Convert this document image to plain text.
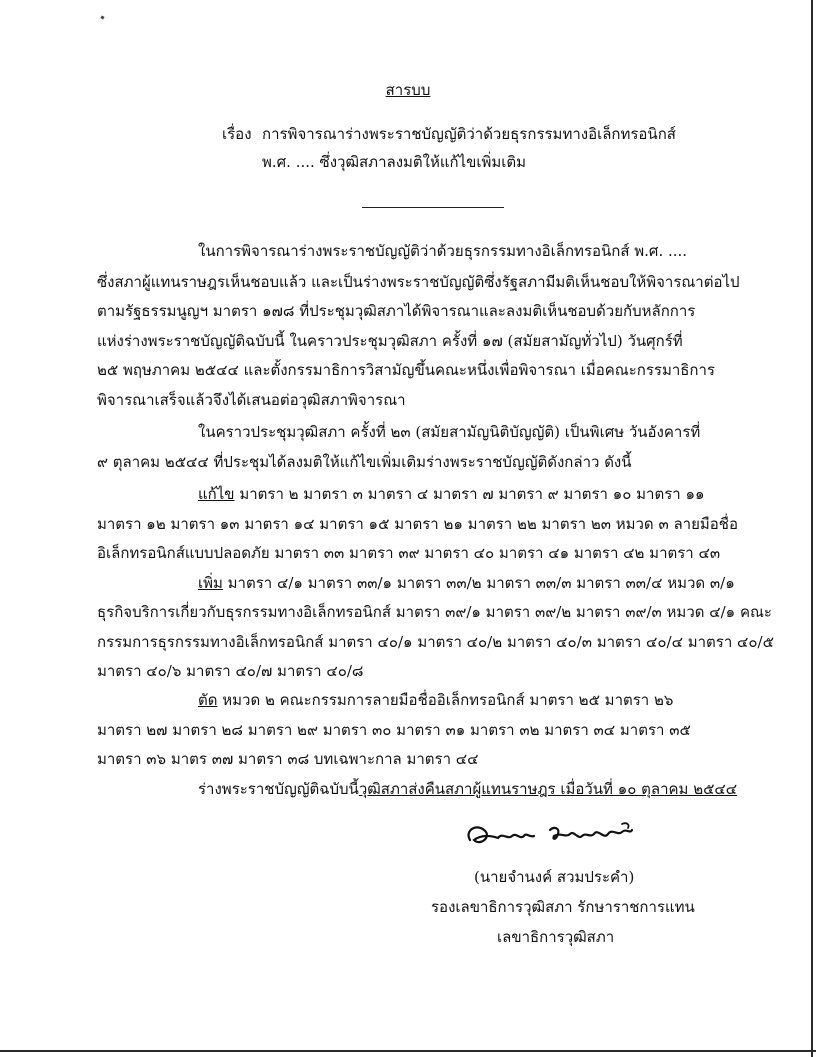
สารบบ
เรื่อง การพิจารณาร่างพระราชบัญญัติว่าด้วยธุรกรรมทางอิเล็กทรอนิกส์
พ.ศ. .... ซึ่งวุฒิสภาลงมติให้แก้ไขเพิ่มเติม
ในการพิจารณาร่างพระราชบัญญัติว่าด้วยธุรกรรมทางอิเล็กทรอนิกส์ พ.ศ. ....
ซึ่งสภาผู้แทนราษฎรเห็นชอบแล้ว และเป็นร่างพระราชบัญญัติซึ่งรัฐสภามีมติเห็นชอบให้พิจารณาต่อไป
ตามรัฐธรรมนูญฯ มาตรา ๑๗๘ ที่ประชุมวุฒิสภาได้พิจารณาและลงมติเห็นชอบด้วยกับหลักการ
แห่งร่างพระราชบัญญัติฉบับนี้ ในคราวประชุมวุฒิสภา ครั้งที่ ๑๗ (สมัยสามัญทั่วไป) วันศุกร์ที่
๒๕ พฤษภาคม ๒๕๔๔ และตั้งกรรมาธิการวิสามัญขึ้นคณะหนึ่งเพื่อพิจารณา เมื่อคณะกรรมาธิการ
พิจารณาเสร็จแล้วจึงได้เสนอต่อวุฒิสภาพิจารณา
ในคราวประชุมวุฒิสภา ครั้งที่ ๒๓ (สมัยสามัญนิติบัญญัติ) เป็นพิเศษ วันอังคารที่
๙ ตุลาคม ๒๕๔๔ ที่ประชุมได้ลงมติให้แก้ไขเพิ่มเติมร่างพระราชบัญญัติดังกล่าว ดังนี้
แก้ไข มาตรา ๒ มาตรา ๓ มาตรา ๔ มาตรา ๗ มาตรา ๙ มาตรา ๑๐ มาตรา ๑๑
มาตรา ๑๒ มาตรา ๑๓ มาตรา ๑๔ มาตรา ๑๕ มาตรา ๒๑ มาตรา ๒๒ มาตรา ๒๓ หมวด ๓ ลายมือชื่อ
อิเล็กทรอนิกส์แบบปลอดภัย มาตรา ๓๓ มาตรา ๓๙ มาตรา ๔๐ มาตรา ๔๑ มาตรา ๔๒ มาตรา ๔๓
เพิ่ม มาตรา ๔/๑ มาตรา ๓๓/๑ มาตรา ๓๓/๒ มาตรา ๓๓/๓ มาตรา ๓๓/๔ หมวด ๓/๑
ธุรกิจบริการเกี่ยวกับธุรกรรมทางอิเล็กทรอนิกส์ มาตรา ๓๙/๑ มาตรา ๓๙/๒ มาตรา ๓๙/๓ หมวด ๔/๑ คณะ
กรรมการธุรกรรมทางอิเล็กทรอนิกส์ มาตรา ๔๐/๑ มาตรา ๔๐/๒ มาตรา ๔๐/๓ มาตรา ๔๐/๔ มาตรา ๔๐/๕
มาตรา ๔๐/๖ มาตรา ๔๐/๗ มาตรา ๔๐/๘
ตัด หมวด ๒ คณะกรรมการลายมือชื่ออิเล็กทรอนิกส์ มาตรา ๒๕ มาตรา ๒๖
มาตรา ๒๗ มาตรา ๒๘ มาตรา ๒๙ มาตรา ๓๐ มาตรา ๓๑ มาตรา ๓๒ มาตรา ๓๔ มาตรา ๓๕
มาตรา ๓๖ มาตร ๓๗ มาตรา ๓๘ บทเฉพาะกาล มาตรา ๔๔
ร่างพระราชบัญญัติฉบับนี้วุฒิสภาส่งคืนสภาผู้แทนราษฎร เมื่อวันที่ ๑๐ ตุลาคม ๒๕๔๔
(นายจำนงค์ สวมประคำ)
รองเลขาธิการวุฒิสภา รักษาราชการแทน
เลขาธิการวุฒิสภา
